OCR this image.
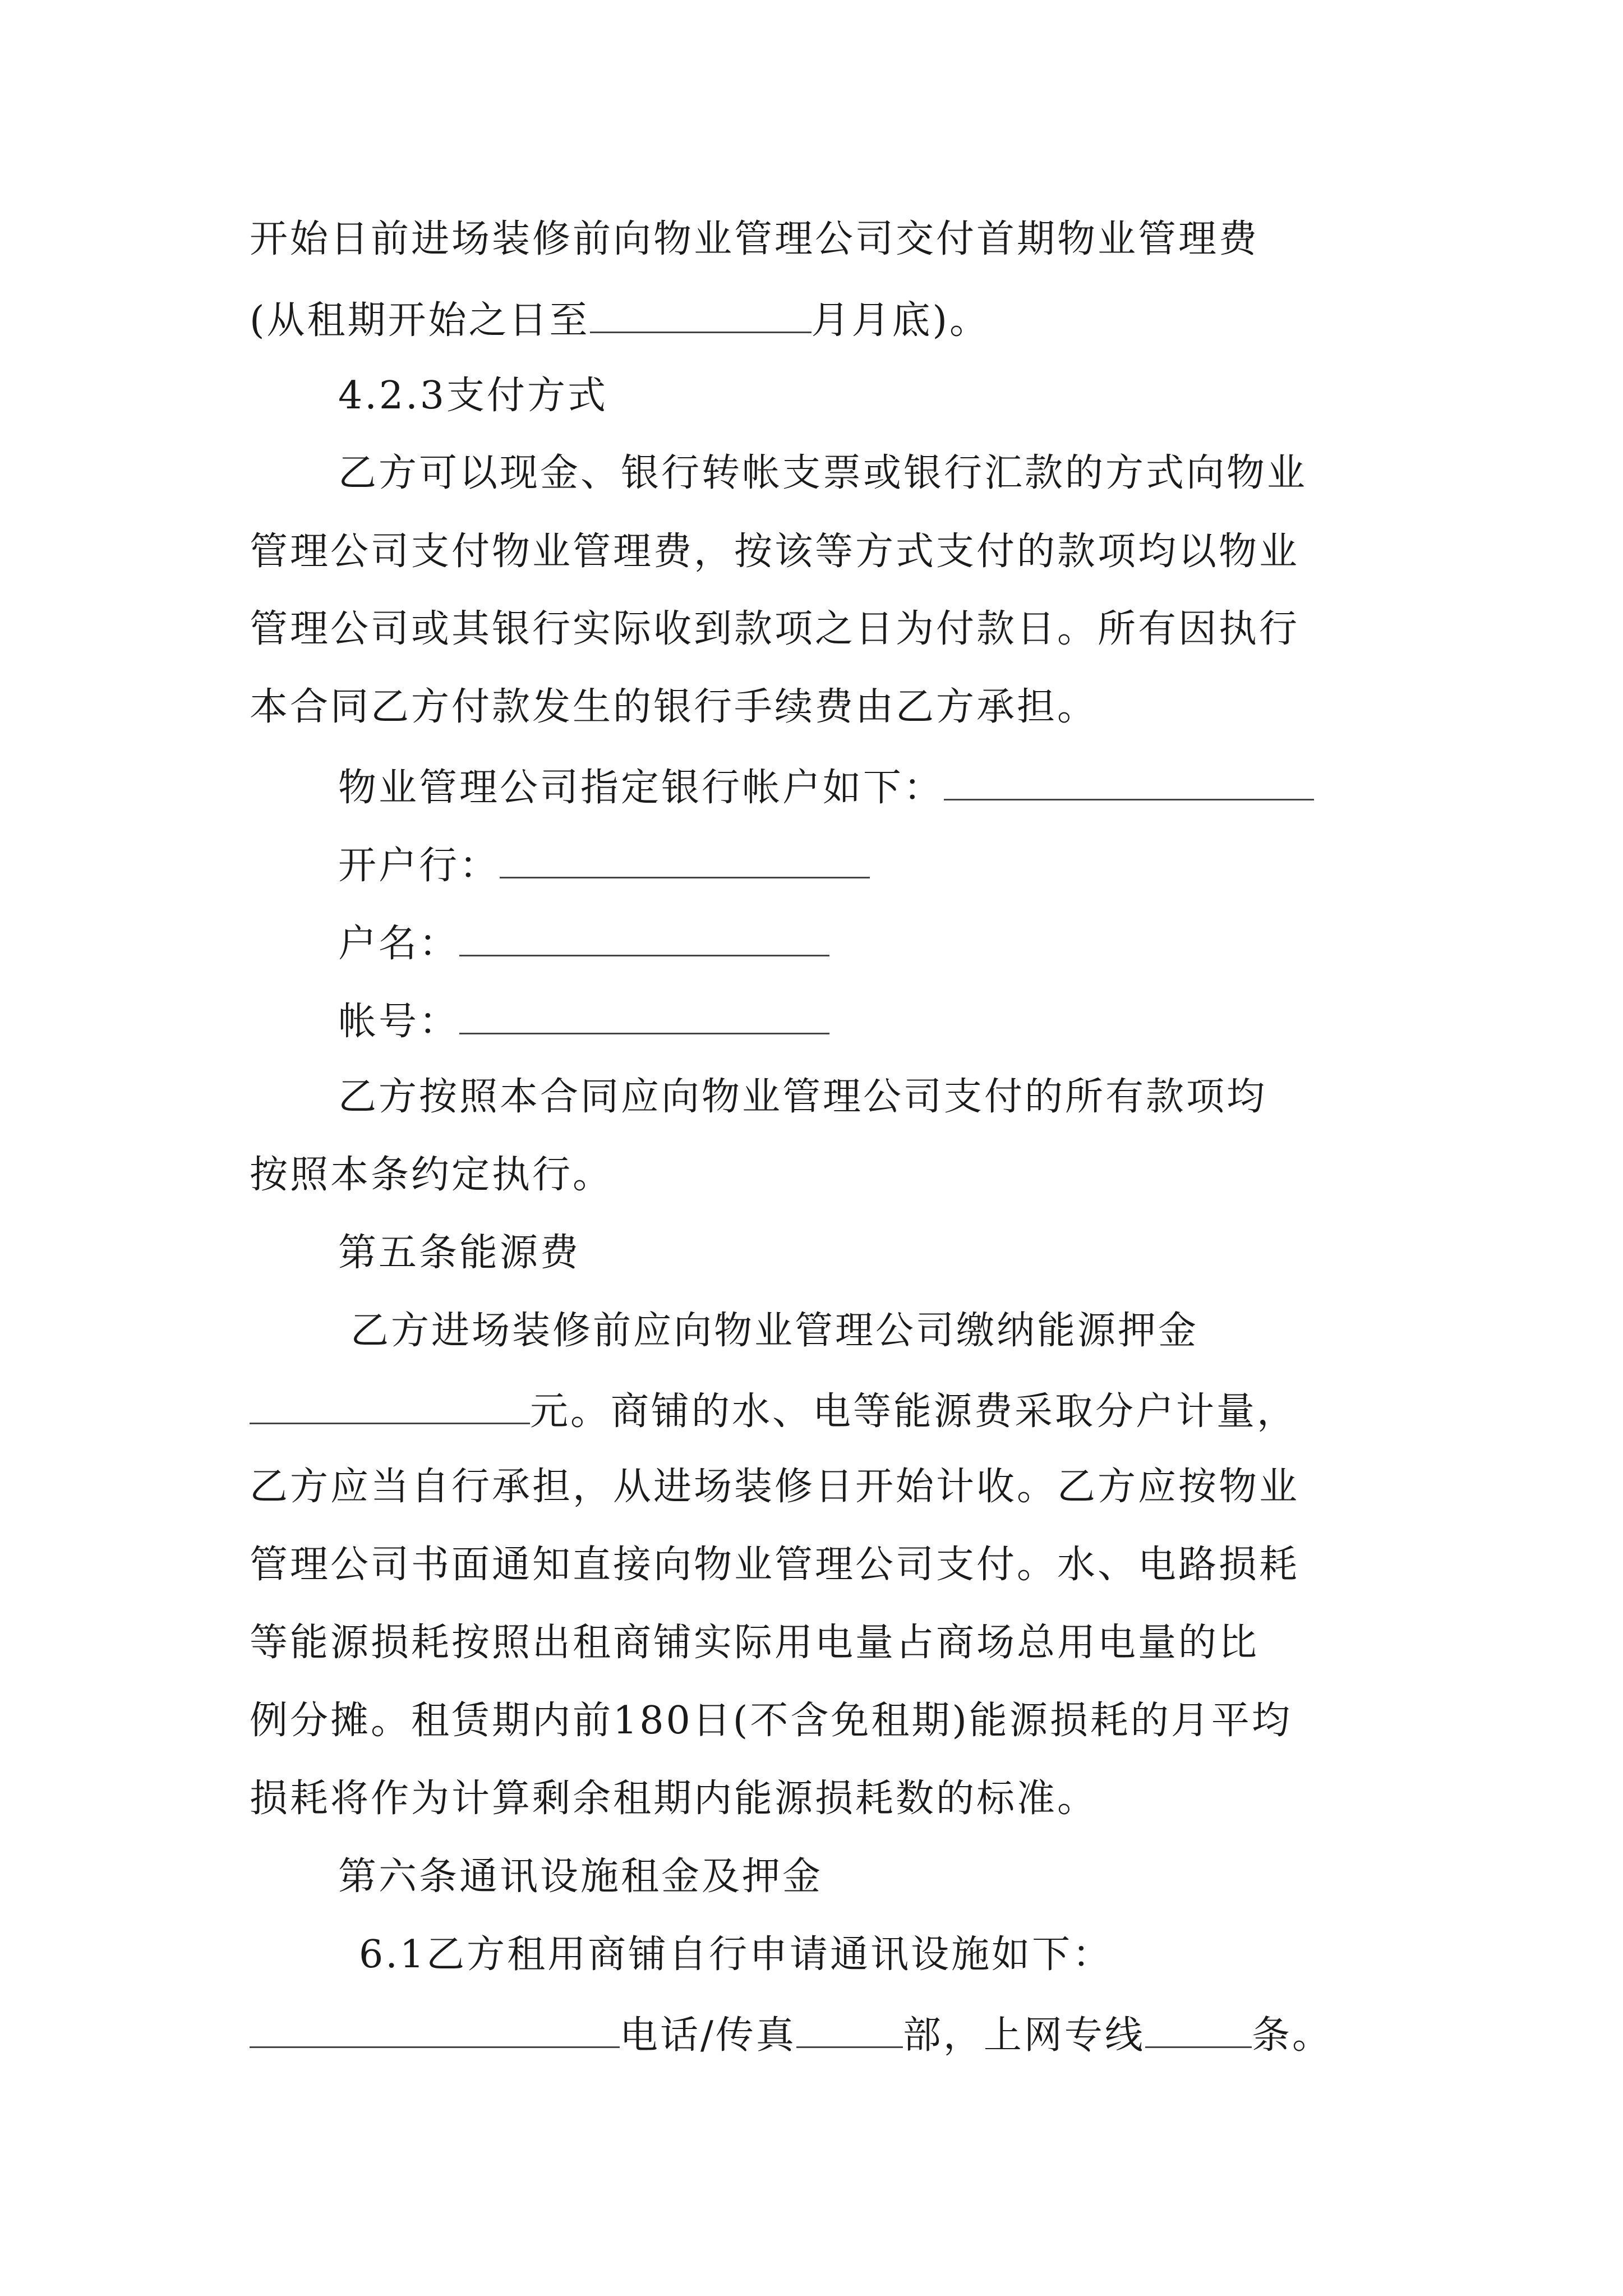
开始日前进场装修前向物业管理公司交付首期物业管理费
(从租期开始之日至	月月底)。
4.2.3支付方式
乙方可以现金、银行转帐支票或银行汇款的方式向物业
管理公司支付物业管理费，按该等方式支付的款项均以物业
管理公司或其银行实际收到款项之日为付款日。所有因执行
本合同乙方付款发生的银行手续费由乙方承担。
物业管理公司指定银行帐户如下：
开户行：
户名：
帐号：
乙方按照本合同应向物业管理公司支付的所有款项均
按照本条约定执行。
第五条能源费
乙方进场装修前应向物业管理公司缴纳能源押金
元。商铺的水、电等能源费采取分户计量，
乙方应当自行承担，从进场装修日开始计收。乙方应按物业
管理公司书面通知直接向物业管理公司支付。水、电路损耗
等能源损耗按照出租商铺实际用电量占商场总用电量的比
例分摊。租赁期内前180日(不含免租期)能源损耗的月平均
损耗将作为计算剩余租期内能源损耗数的标准。
第六条通讯设施租金及押金
6.1乙方租用商铺自行申请通讯设施如下：
电话/传真	部，上网专线	条。
